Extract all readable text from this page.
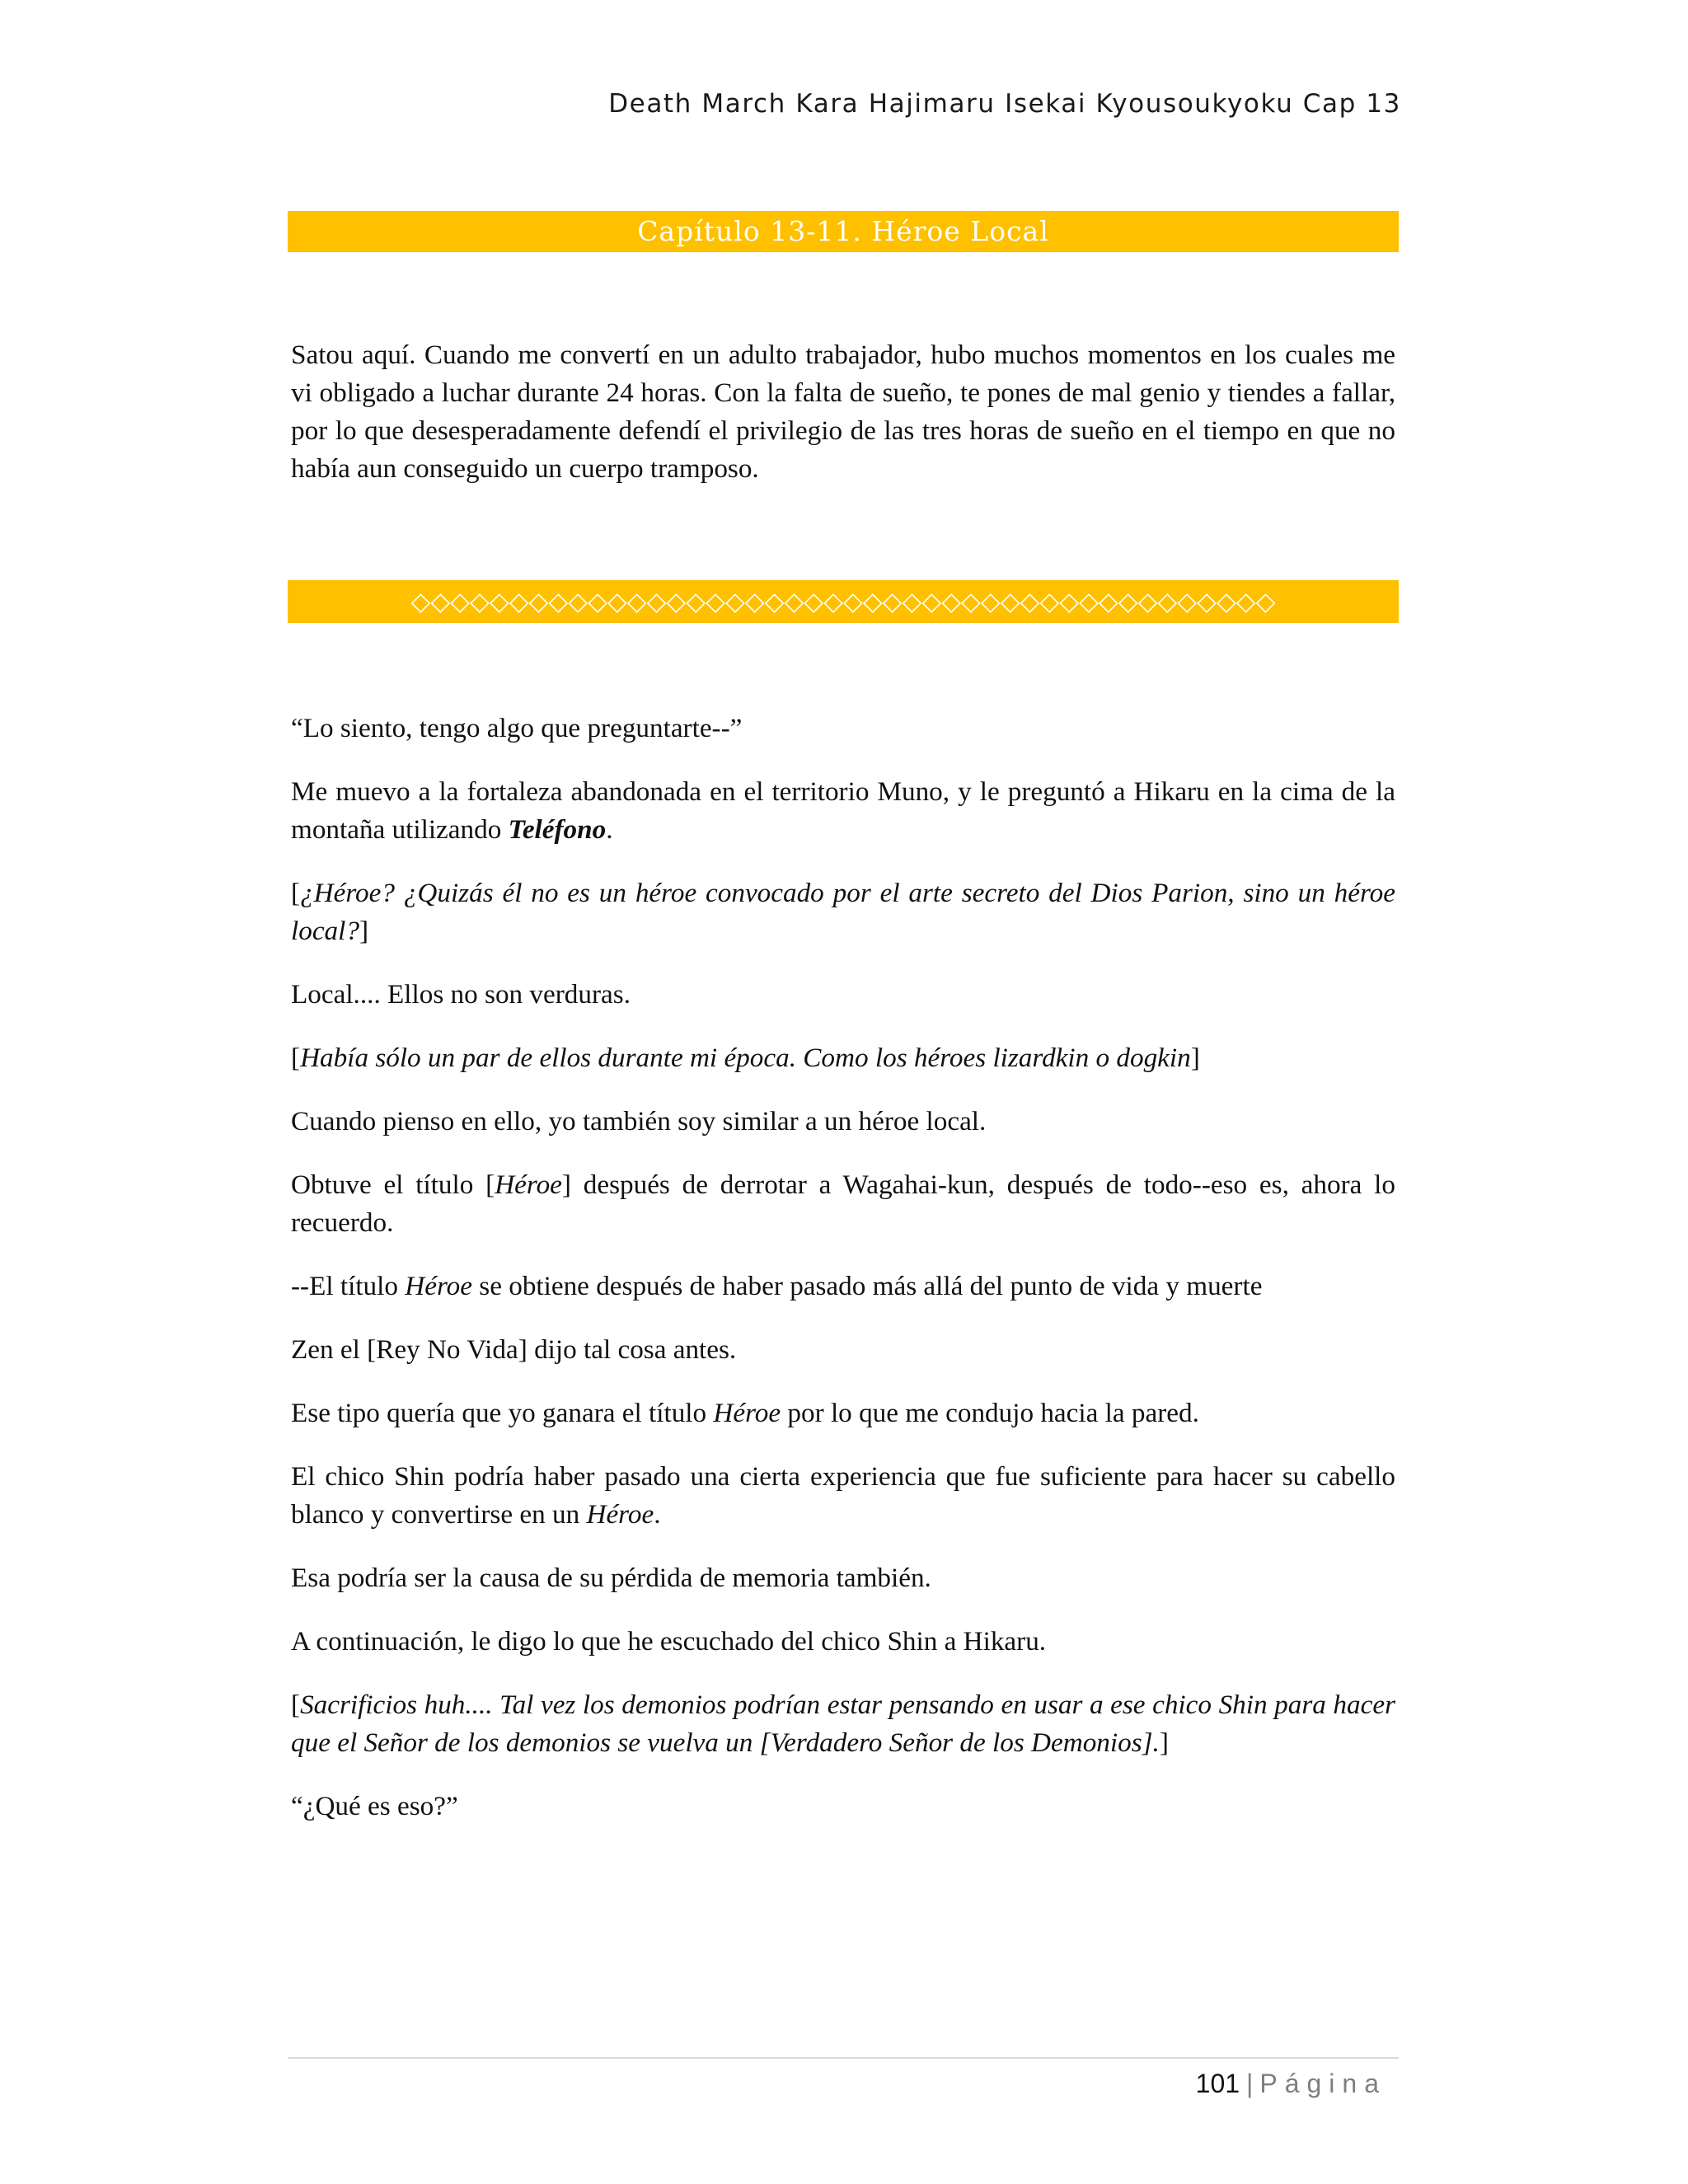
Death March Kara Hajimaru Isekai Kyousoukyoku Cap 13
Capítulo 13-11. Héroe Local

Satou aquí. Cuando me convertí en un adulto trabajador, hubo muchos momentos en los cuales me vi obligado a luchar durante 24 horas. Con la falta de sueño, te pones de mal genio y tiendes a fallar, por lo que desesperadamente defendí el privilegio de las tres horas de sueño en el tiempo en que no había aun conseguido un cuerpo tramposo.

◇◇◇◇◇◇◇◇◇◇◇◇◇◇◇◇◇◇◇◇◇◇◇◇◇◇◇◇◇◇◇◇◇◇◇◇◇◇◇◇◇◇◇◇

“Lo siento, tengo algo que preguntarte--”

Me muevo a la fortaleza abandonada en el territorio Muno, y le preguntó a Hikaru en la cima de la montaña utilizando Teléfono.

[¿Héroe? ¿Quizás él no es un héroe convocado por el arte secreto del Dios Parion, sino un héroe local?]

Local.... Ellos no son verduras.

[Había sólo un par de ellos durante mi época. Como los héroes lizardkin o dogkin]

Cuando pienso en ello, yo también soy similar a un héroe local.

Obtuve el título [Héroe] después de derrotar a Wagahai-kun, después de todo--eso es, ahora lo recuerdo.

--El título Héroe se obtiene después de haber pasado más allá del punto de vida y muerte

Zen el [Rey No Vida] dijo tal cosa antes.

Ese tipo quería que yo ganara el título Héroe por lo que me condujo hacia la pared.

El chico Shin podría haber pasado una cierta experiencia que fue suficiente para hacer su cabello blanco y convertirse en un Héroe.

Esa podría ser la causa de su pérdida de memoria también.

A continuación, le digo lo que he escuchado del chico Shin a Hikaru.

[Sacrificios huh.... Tal vez los demonios podrían estar pensando en usar a ese chico Shin para hacer que el Señor de los demonios se vuelva un [Verdadero Señor de los Demonios].]

“¿Qué es eso?”

101 | Página
